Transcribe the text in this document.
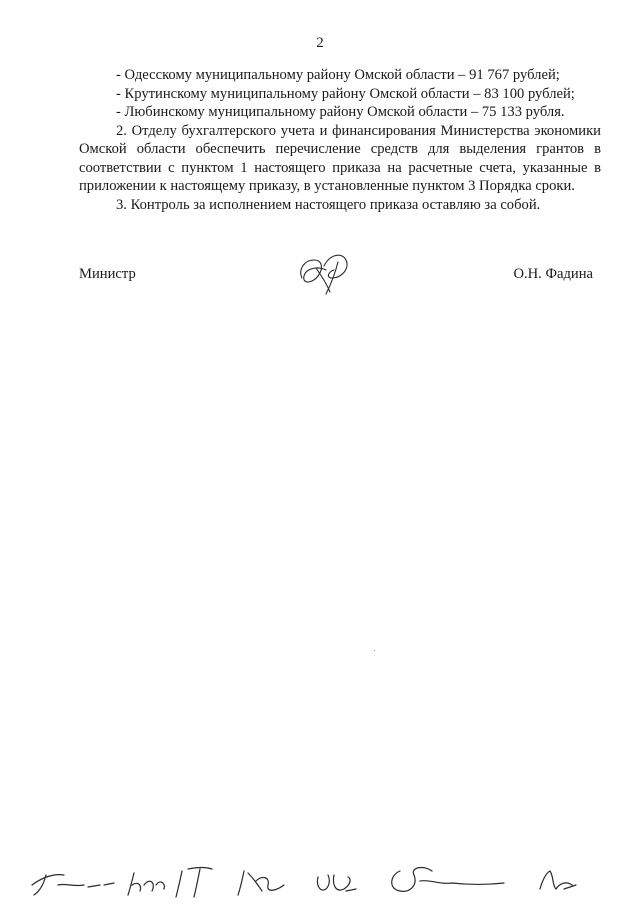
2
- Одесскому муниципальному району Омской области – 91 767 рублей;
- Крутинскому муниципальному району Омской области – 83 100 рублей;
- Любинскому муниципальному району Омской области – 75 133 рубля.
2. Отделу бухгалтерского учета и финансирования Министерства экономики Омской области обеспечить перечисление средств для выделения грантов в соответствии с пунктом 1 настоящего приказа на расчетные счета, указанные в приложении к настоящему приказу, в установленные пунктом 3 Порядка сроки.
3. Контроль за исполнением настоящего приказа оставляю за собой.
Министр	О.Н. Фадина
